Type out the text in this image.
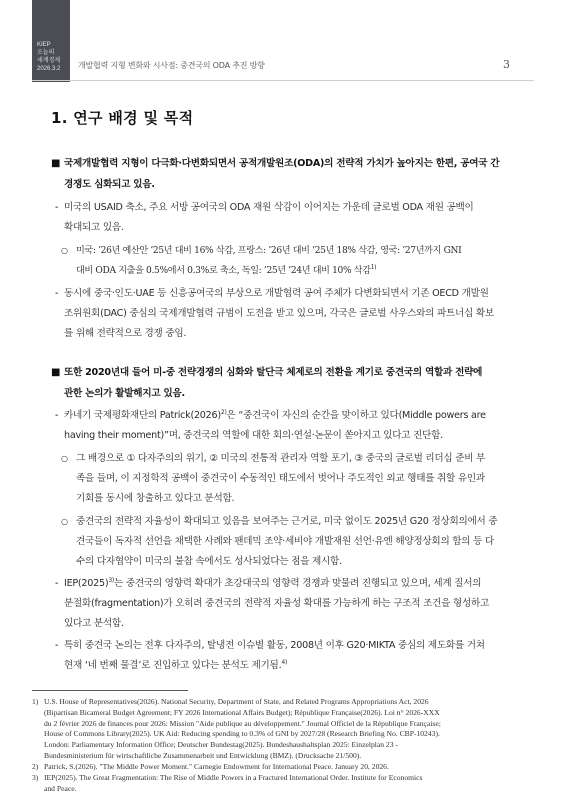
KIEP
오늘의
세계경제
2026.3.2	개발협력 지형 변화와 시사점: 중견국의 ODA 추진 방향	3
1. 연구 배경 및 목적
■ 국제개발협력 지형이 다극화·다변화되면서 공적개발원조(ODA)의 전략적 가치가 높아지는 한편, 공여국 간
경쟁도 심화되고 있음.
- 미국의 USAID 축소, 주요 서방 공여국의 ODA 재원 삭감이 이어지는 가운데 글로벌 ODA 재원 공백이
확대되고 있음.
○ 미국: ’26년 예산안 ’25년 대비 16% 삭감, 프랑스: ’26년 대비 ’25년 18% 삭감, 영국: ’27년까지 GNI
대비 ODA 지출을 0.5%에서 0.3%로 축소, 독일: ’25년 ’24년 대비 10% 삭감$^{1)}$
- 동시에 중국·인도·UAE 등 신흥공여국의 부상으로 개발협력 공여 주체가 다변화되면서 기존 OECD 개발원
조위원회(DAC) 중심의 국제개발협력 규범이 도전을 받고 있으며, 각국은 글로벌 사우스와의 파트너십 확보
를 위해 전략적으로 경쟁 중임.
■ 또한 2020년대 들어 미-중 전략경쟁의 심화와 탈단극 체제로의 전환을 계기로 중견국의 역할과 전략에
관한 논의가 활발해지고 있음.
- 카네기 국제평화재단의 Patrick(2026)$^{2)}$은 “중견국이 자신의 순간을 맞이하고 있다(Middle powers are
having their moment)”며, 중견국의 역할에 대한 회의·연설·논문이 쏟아지고 있다고 진단함.
○ 그 배경으로 ① 다자주의의 위기, ② 미국의 전통적 관리자 역할 포기, ③ 중국의 글로벌 리더십 준비 부
족을 들며, 이 지정학적 공백이 중견국이 수동적인 태도에서 벗어나 주도적인 외교 행태를 취할 유인과
기회를 동시에 창출하고 있다고 분석함.
○ 중견국의 전략적 자율성이 확대되고 있음을 보여주는 근거로, 미국 없이도 2025년 G20 정상회의에서 중
견국들이 독자적 선언을 채택한 사례와 팬데믹 조약·세비야 개발재원 선언·유엔 해양정상회의 합의 등 다
수의 다자협약이 미국의 불참 속에서도 성사되었다는 점을 제시함.
- IEP(2025)$^{3)}$는 중견국의 영향력 확대가 초강대국의 영향력 경쟁과 맞물려 진행되고 있으며, 세계 질서의
분절화(fragmentation)가 오히려 중견국의 전략적 자율성 확대를 가능하게 하는 구조적 조건을 형성하고
있다고 분석함.
- 특히 중견국 논의는 전후 다자주의, 탈냉전 이슈별 활동, 2008년 이후 G20·MIKTA 중심의 제도화를 거쳐
현재 ‘네 번째 물결’로 진입하고 있다는 분석도 제기됨.$^{4)}$
1) U.S. House of Representatives(2026). National Security, Department of State, and Related Programs Appropriations Act, 2026
(Bipartisan Bicameral Budget Agreement; FY 2026 International Affairs Budget); République Française(2026). Loi n° 2026-XXX
du 2 février 2026 de finances pour 2026: Mission "Aide publique au développement." Journal Officiel de la République Française;
House of Commons Library(2025). UK Aid: Reducing spending to 0.3% of GNI by 2027/28 (Research Briefing No. CBP-10243).
London: Parliamentary Information Office; Deutscher Bundestag(2025). Bundeshaushaltsplan 2025: Einzelplan 23 -
Bundesministerium für wirtschaftliche Zusammenarbeit und Entwicklung (BMZ). (Drucksache 21/500).
2) Patrick, S.(2026). "The Middle Power Moment." Carnegie Endowment for International Peace. January 20, 2026.
3) IEP(2025). The Great Fragmentation: The Rise of Middle Powers in a Fractured International Order. Institute for Economics
and Peace.
